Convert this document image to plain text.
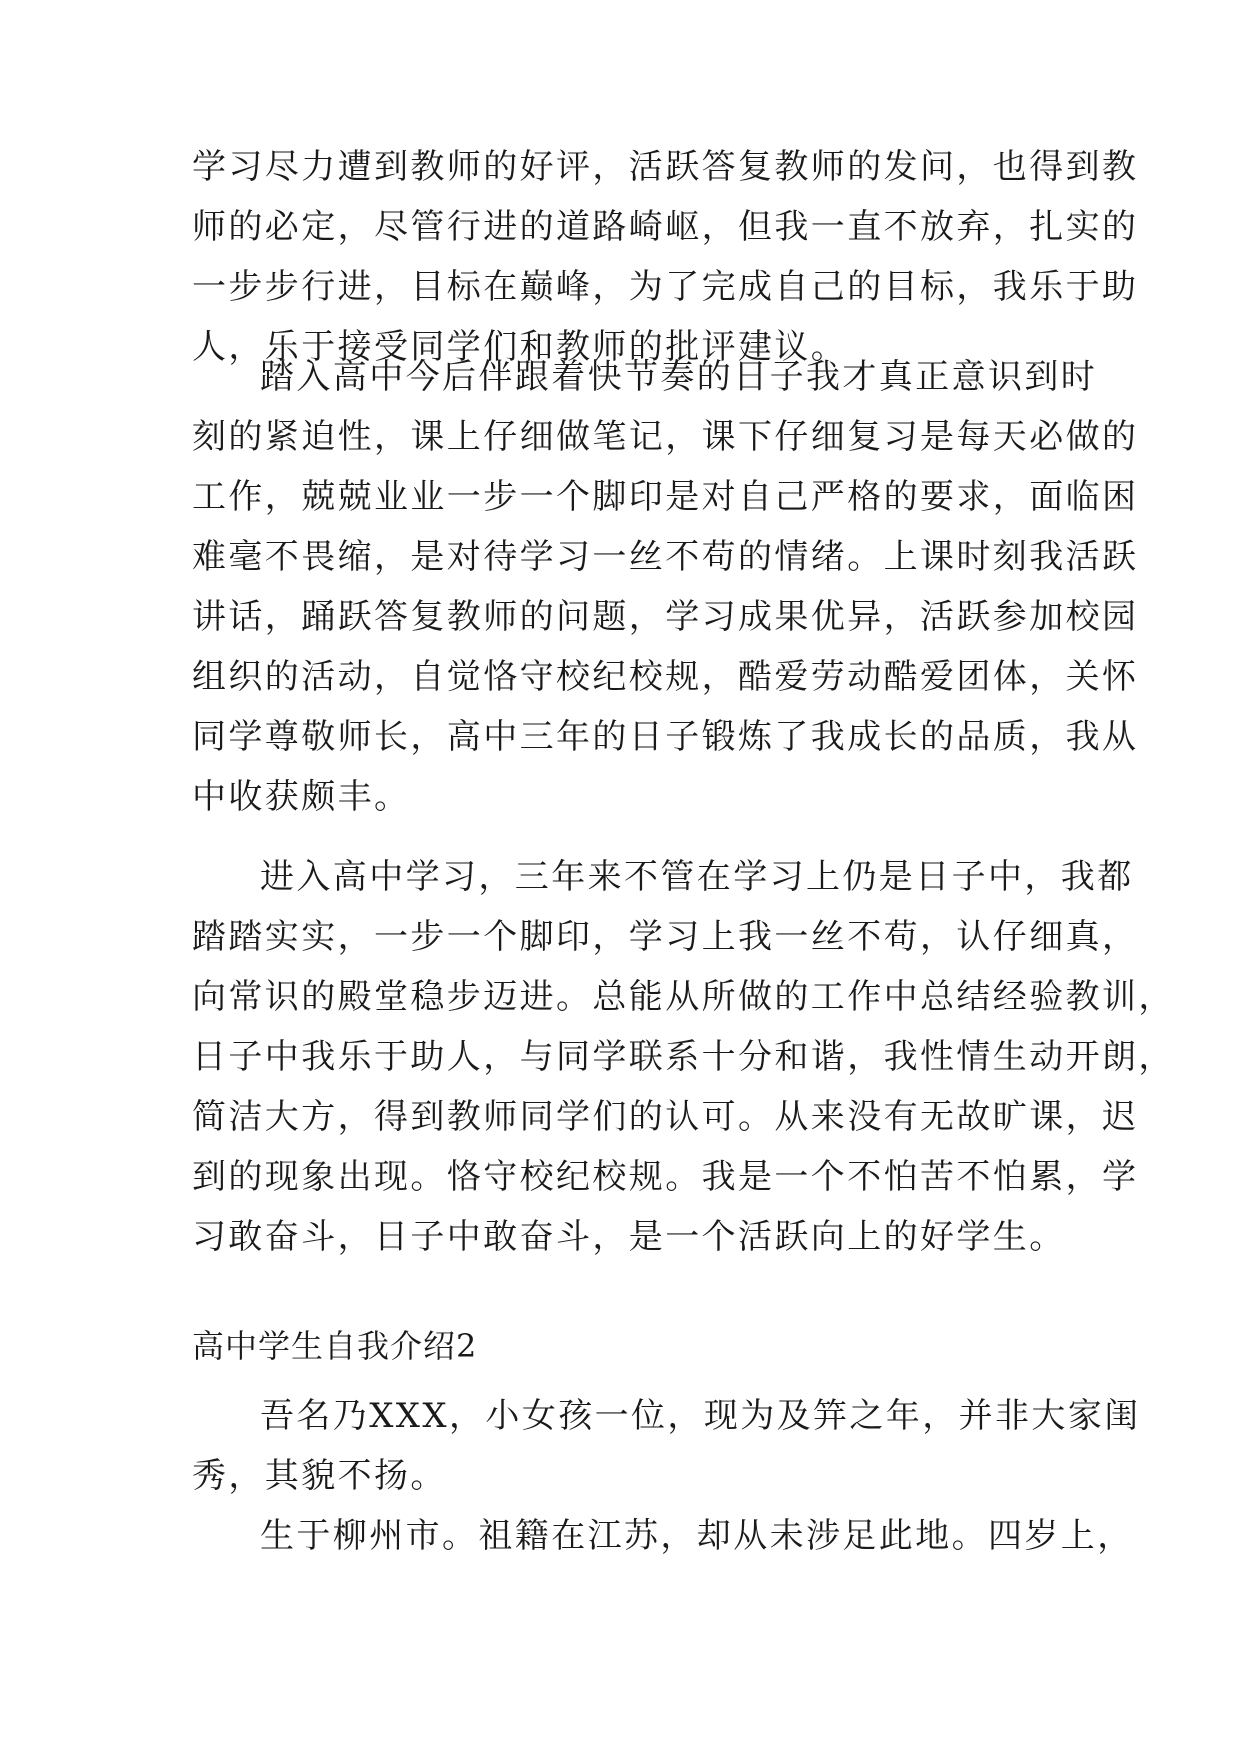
学习尽力遭到教师的好评，活跃答复教师的发问，也得到教
师的必定，尽管行进的道路崎岖，但我一直不放弃，扎实的
一步步行进，目标在巅峰，为了完成自己的目标，我乐于助
人，乐于接受同学们和教师的批评建议。
踏入高中今后伴跟着快节奏的日子我才真正意识到时
刻的紧迫性，课上仔细做笔记，课下仔细复习是每天必做的
工作，兢兢业业一步一个脚印是对自己严格的要求，面临困
难毫不畏缩，是对待学习一丝不苟的情绪。上课时刻我活跃
讲话，踊跃答复教师的问题，学习成果优异，活跃参加校园
组织的活动，自觉恪守校纪校规，酷爱劳动酷爱团体，关怀
同学尊敬师长，高中三年的日子锻炼了我成长的品质，我从
中收获颇丰。
进入高中学习，三年来不管在学习上仍是日子中，我都
踏踏实实，一步一个脚印，学习上我一丝不苟，认仔细真，
向常识的殿堂稳步迈进。总能从所做的工作中总结经验教训，
日子中我乐于助人，与同学联系十分和谐，我性情生动开朗，
简洁大方，得到教师同学们的认可。从来没有无故旷课，迟
到的现象出现。恪守校纪校规。我是一个不怕苦不怕累，学
习敢奋斗，日子中敢奋斗，是一个活跃向上的好学生。
高中学生自我介绍2
吾名乃XXX，小女孩一位，现为及笄之年，并非大家闺
秀，其貌不扬。
生于柳州市。祖籍在江苏，却从未涉足此地。四岁上，
